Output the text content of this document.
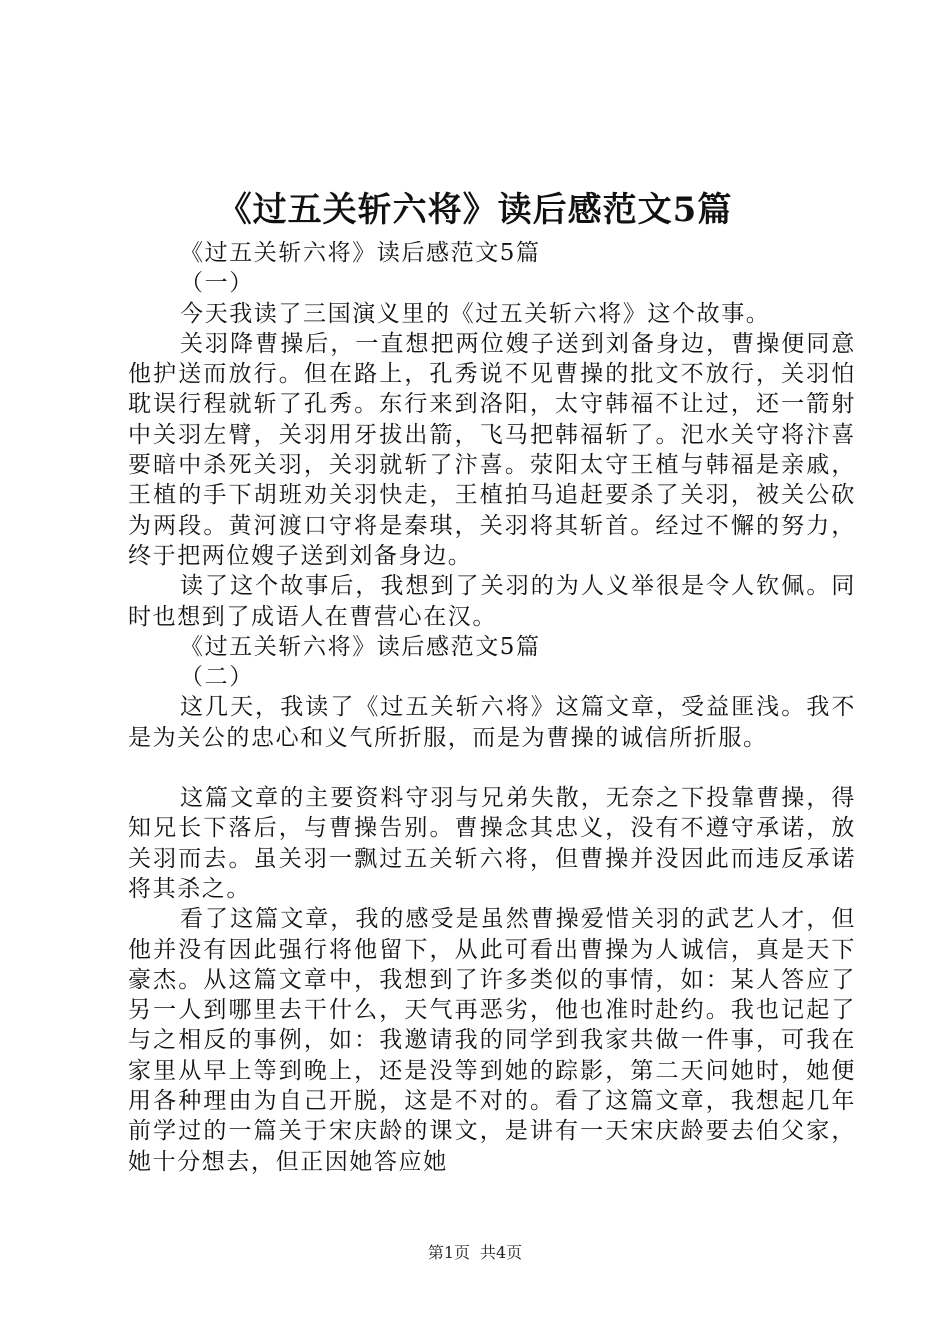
《过五关斩六将》读后感范文5篇

《过五关斩六将》读后感范文5篇

（一）

今天我读了三国演义里的《过五关斩六将》这个故事。

关羽降曹操后，一直想把两位嫂子送到刘备身边，曹操便同意他护送而放行。但在路上，孔秀说不见曹操的批文不放行，关羽怕耽误行程就斩了孔秀。东行来到洛阳，太守韩福不让过，还一箭射中关羽左臂，关羽用牙拔出箭，飞马把韩福斩了。汜水关守将汴喜要暗中杀死关羽，关羽就斩了汴喜。荥阳太守王植与韩福是亲戚，王植的手下胡班劝关羽快走，王植拍马追赶要杀了关羽，被关公砍为两段。黄河渡口守将是秦琪，关羽将其斩首。经过不懈的努力，终于把两位嫂子送到刘备身边。

读了这个故事后，我想到了关羽的为人义举很是令人钦佩。同时也想到了成语人在曹营心在汉。

《过五关斩六将》读后感范文5篇

（二）

这几天，我读了《过五关斩六将》这篇文章，受益匪浅。我不是为关公的忠心和义气所折服，而是为曹操的诚信所折服。

这篇文章的主要资料守羽与兄弟失散，无奈之下投靠曹操，得知兄长下落后，与曹操告别。曹操念其忠义，没有不遵守承诺，放关羽而去。虽关羽一飘过五关斩六将，但曹操并没因此而违反承诺将其杀之。

看了这篇文章，我的感受是虽然曹操爱惜关羽的武艺人才，但他并没有因此强行将他留下，从此可看出曹操为人诚信，真是天下豪杰。从这篇文章中，我想到了许多类似的事情，如：某人答应了另一人到哪里去干什么，天气再恶劣，他也准时赴约。我也记起了与之相反的事例，如：我邀请我的同学到我家共做一件事，可我在家里从早上等到晚上，还是没等到她的踪影，第二天问她时，她便用各种理由为自己开脱，这是不对的。看了这篇文章，我想起几年前学过的一篇关于宋庆龄的课文，是讲有一天宋庆龄要去伯父家，她十分想去，但正因她答应她

第1页 共4页
